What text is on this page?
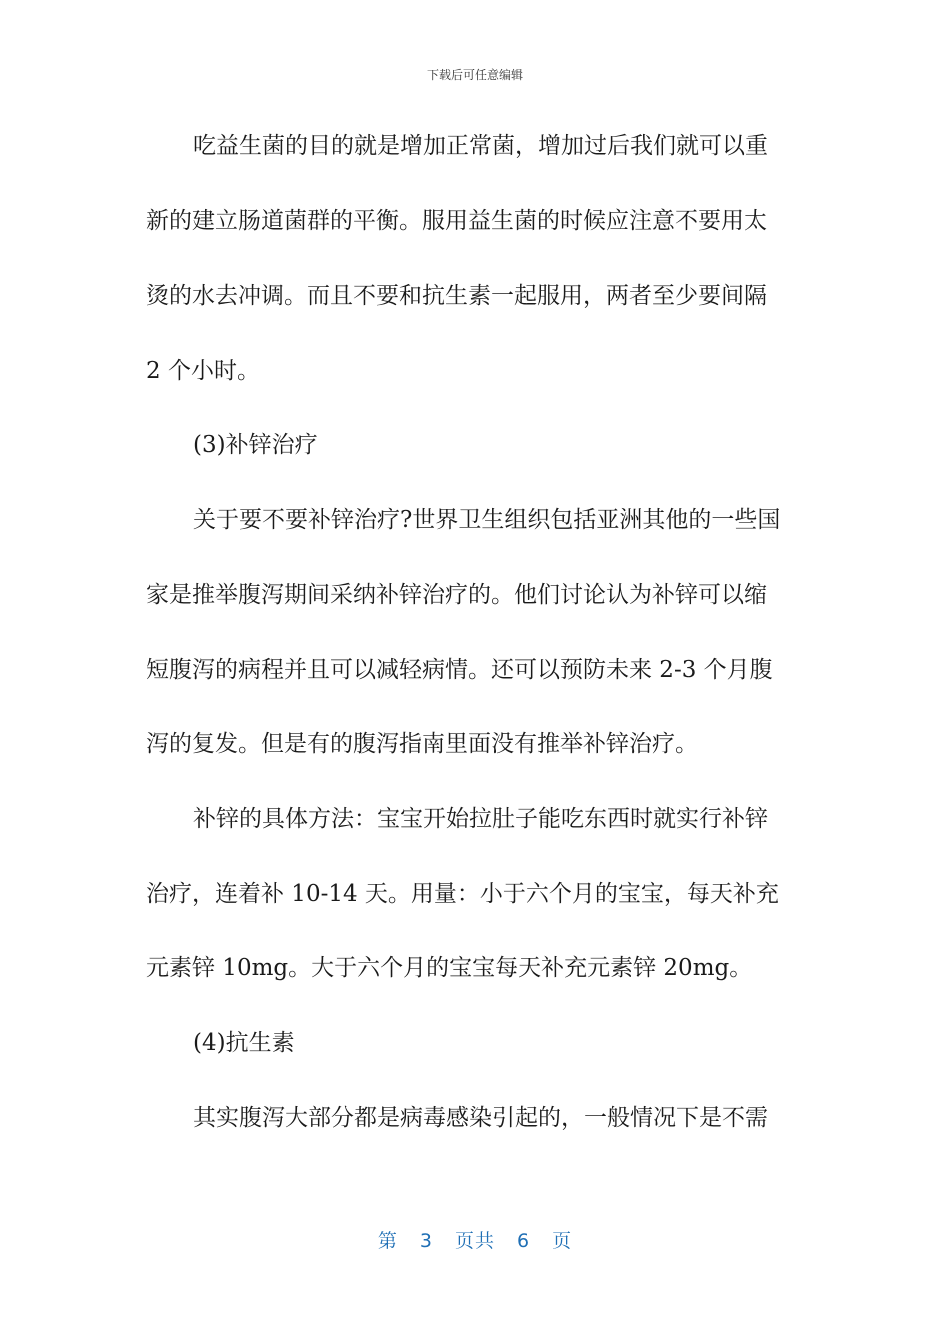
下载后可任意编辑
吃益生菌的目的就是增加正常菌，增加过后我们就可以重
新的建立肠道菌群的平衡。服用益生菌的时候应注意不要用太
烫的水去冲调。而且不要和抗生素一起服用，两者至少要间隔
2 个小时。
(3)补锌治疗
关于要不要补锌治疗?世界卫生组织包括亚洲其他的一些国
家是推举腹泻期间采纳补锌治疗的。他们讨论认为补锌可以缩
短腹泻的病程并且可以减轻病情。还可以预防未来 2-3 个月腹
泻的复发。但是有的腹泻指南里面没有推举补锌治疗。
补锌的具体方法：宝宝开始拉肚子能吃东西时就实行补锌
治疗，连着补 10-14 天。用量：小于六个月的宝宝，每天补充
元素锌 10mg。大于六个月的宝宝每天补充元素锌 20mg。
(4)抗生素
其实腹泻大部分都是病毒感染引起的，一般情况下是不需
第 3 页共 6 页
